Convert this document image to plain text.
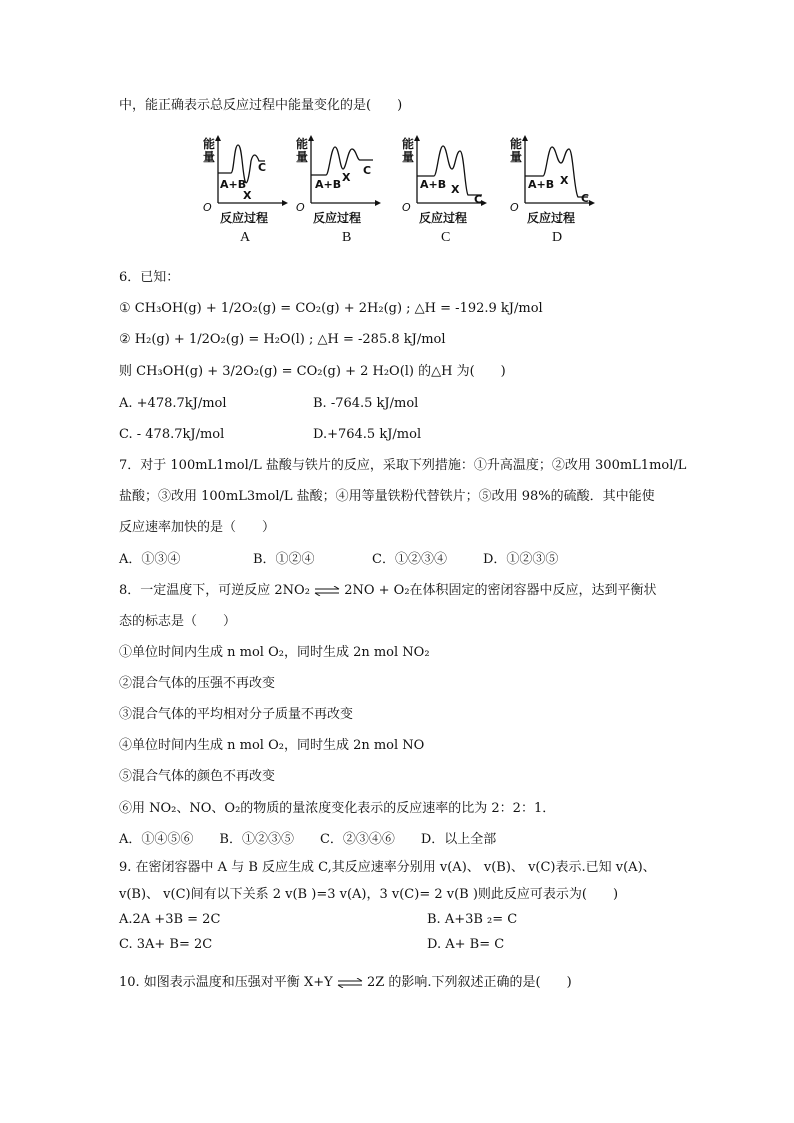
中，能正确表示总反应过程中能量变化的是(　　)
能量
O
反应过程
A+B
X
C
A
能量
O
反应过程
A+B
X
C
B
能量
O
反应过程
A+B X
C
C
能量
O
反应过程
A+B X
C
D
6．已知：
① CH₃OH(g) + 1/2O₂(g) = CO₂(g) + 2H₂(g) ; △H = -192.9 kJ/mol
② H₂(g) + 1/2O₂(g) = H₂O(l) ; △H = -285.8 kJ/mol
则 CH₃OH(g) + 3/2O₂(g) = CO₂(g) + 2 H₂O(l) 的△H 为(　　)
A. +478.7kJ/mol	B. -764.5 kJ/mol
C. - 478.7kJ/mol	D.+764.5 kJ/mol
7．对于 100mL1mol/L 盐酸与铁片的反应，采取下列措施：①升高温度；②改用 300mL1mol/L
盐酸；③改用 100mL3mol/L 盐酸；④用等量铁粉代替铁片；⑤改用 98%的硫酸．其中能使
反应速率加快的是（　　）
A．①③④	B．①②④	C．①②③④	D．①②③⑤
8．一定温度下，可逆反应 2NO₂ ⇌ 2NO + O₂在体积固定的密闭容器中反应，达到平衡状
态的标志是（　　）
①单位时间内生成 n mol O₂，同时生成 2n mol NO₂
②混合气体的压强不再改变
③混合气体的平均相对分子质量不再改变
④单位时间内生成 n mol O₂，同时生成 2n mol NO
⑤混合气体的颜色不再改变
⑥用 NO₂、NO、O₂的物质的量浓度变化表示的反应速率的比为 2：2：1．
A．①④⑤⑥　　B．①②③⑤　　C．②③④⑥　　D．以上全部
9. 在密闭容器中 A 与 B 反应生成 C,其反应速率分别用 v(A)、 v(B)、 v(C)表示.已知 v(A)、
v(B)、 v(C)间有以下关系 2 v(B )=3 v(A)，3 v(C)= 2 v(B )则此反应可表示为(　　)
A.2A +3B = 2C	B. A+3B ₂= C
C. 3A+ B= 2C	D. A+ B= C
10. 如图表示温度和压强对平衡 X+Y ⇌ 2Z 的影响.下列叙述正确的是(　　)
